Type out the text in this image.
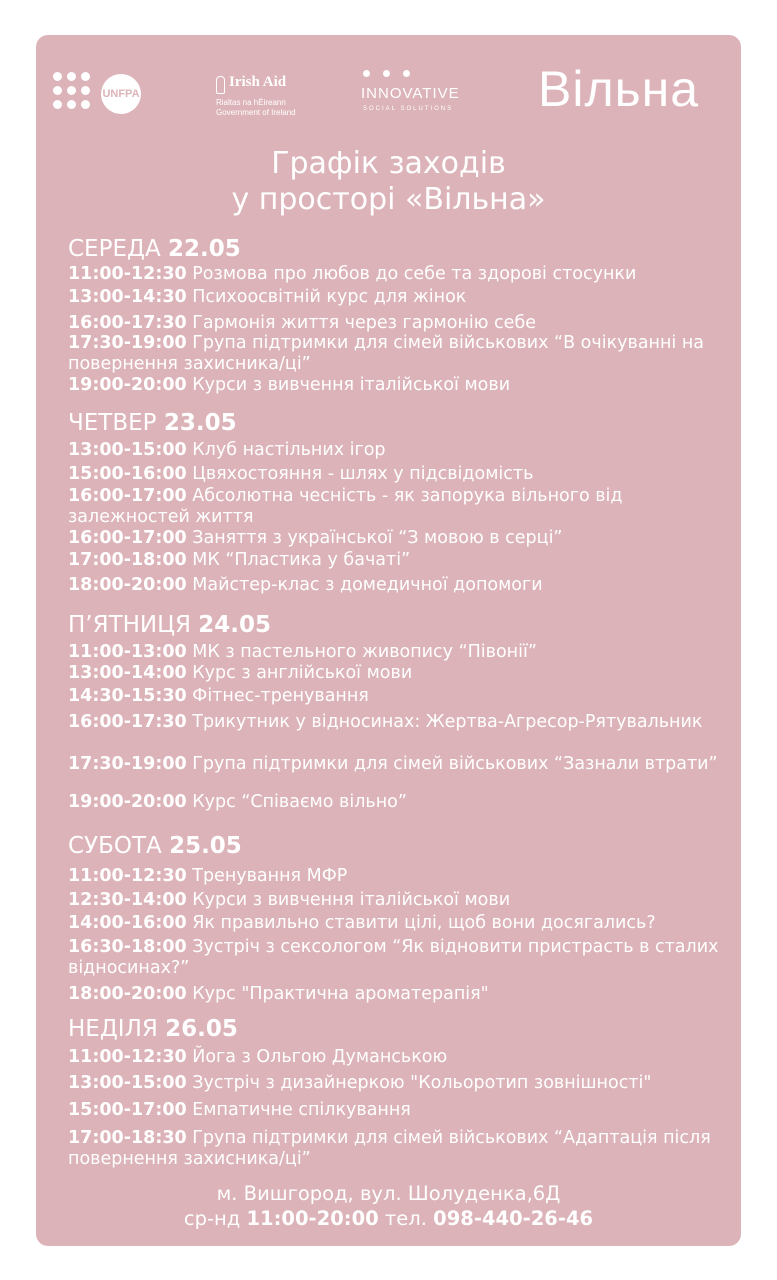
UNFPA
Irish Aid
Rialtas na hÉireann
Government of Ireland
INNOVATIVE
SOCIAL SOLUTIONS Вільна
Графік заходів
у просторі «Вільна»
СЕРЕДА 22.05
11:00-12:30 Розмова про любов до себе та здорові стосунки
13:00-14:30 Психоосвітній курс для жінок
16:00-17:30 Гармонія життя через гармонію себе
17:30-19:00 Група підтримки для сімей військових “В очікуванні на повернення захисника/ці”
19:00-20:00 Курси з вивчення італійської мови
ЧЕТВЕР 23.05
13:00-15:00 Клуб настільних ігор
15:00-16:00 Цвяхостояння - шлях у підсвідомість
16:00-17:00 Абсолютна чесність - як запорука вільного від залежностей життя
16:00-17:00 Заняття з української “З мовою в серці”
17:00-18:00 МК “Пластика у бачаті”
18:00-20:00 Майстер-клас з домедичної допомоги
П’ЯТНИЦЯ 24.05
11:00-13:00 МК з пастельного живопису “Півонії”
13:00-14:00 Курс з англійської мови
14:30-15:30 Фітнес-тренування
16:00-17:30 Трикутник у відносинах: Жертва-Агресор-Рятувальник
17:30-19:00 Група підтримки для сімей військових “Зазнали втрати”
19:00-20:00 Курс “Співаємо вільно”
СУБОТА 25.05
11:00-12:30 Тренування МФР
12:30-14:00 Курси з вивчення італійської мови
14:00-16:00 Як правильно ставити цілі, щоб вони досягались?
16:30-18:00 Зустріч з сексологом “Як відновити пристрасть в сталих відносинах?”
18:00-20:00 Курс "Практична ароматерапія"
НЕДІЛЯ 26.05
11:00-12:30 Йога з Ольгою Думанською
13:00-15:00 Зустріч з дизайнеркою "Кольоротип зовнішності"
15:00-17:00 Емпатичне спілкування
17:00-18:30 Група підтримки для сімей військових “Адаптація після повернення захисника/ці”
м. Вишгород, вул. Шолуденка,6Д
ср-нд 11:00-20:00 тел. 098-440-26-46
